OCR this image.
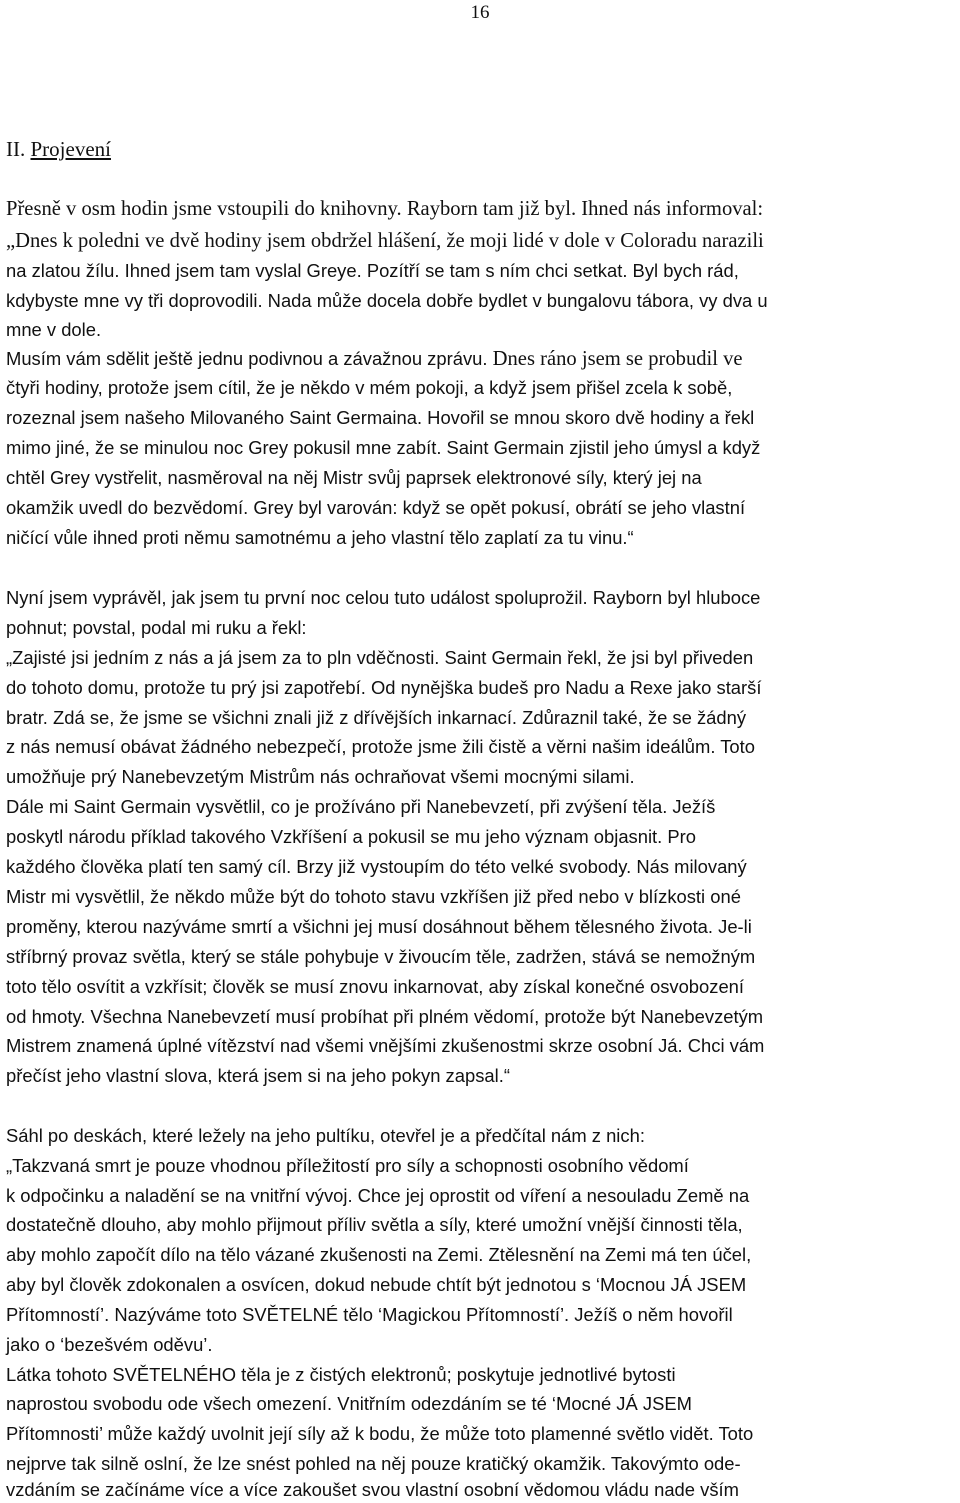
16
II. Projevení
Přesně v osm hodin jsme vstoupili do knihovny. Rayborn tam již byl. Ihned nás informoval:
„Dnes k poledni ve dvě hodiny jsem obdržel hlášení, že moji lidé v dole v Coloradu narazili
na zlatou žílu. Ihned jsem tam vyslal Greye. Pozítří se tam s ním chci setkat. Byl bych rád,
kdybyste mne vy tři doprovodili. Nada může docela dobře bydlet v bungalovu tábora, vy dva u
mne v dole.
Musím vám sdělit ještě jednu podivnou a závažnou zprávu. Dnes ráno jsem se probudil ve
čtyři hodiny, protože jsem cítil, že je někdo v mém pokoji, a když jsem přišel zcela k sobě,
rozeznal jsem našeho Milovaného Saint Germaina. Hovořil se mnou skoro dvě hodiny a řekl
mimo jiné, že se minulou noc Grey pokusil mne zabít. Saint Germain zjistil jeho úmysl a když
chtěl Grey vystřelit, nasměroval na něj Mistr svůj paprsek elektronové síly, který jej na
okamžik uvedl do bezvědomí. Grey byl varován: když se opět pokusí, obrátí se jeho vlastní
ničící vůle ihned proti němu samotnému a jeho vlastní tělo zaplatí za tu vinu.“
Nyní jsem vyprávěl, jak jsem tu první noc celou tuto událost spoluprožil. Rayborn byl hluboce
pohnut; povstal, podal mi ruku a řekl:
„Zajisté jsi jedním z nás a já jsem za to pln vděčnosti. Saint Germain řekl, že jsi byl přiveden
do tohoto domu, protože tu prý jsi zapotřebí. Od nynějška budeš pro Nadu a Rexe jako starší
bratr. Zdá se, že jsme se všichni znali již z dřívějších inkarnací. Zdůraznil také, že se žádný
z nás nemusí obávat žádného nebezpečí, protože jsme žili čistě a věrni našim ideálům. Toto
umožňuje prý Nanebevzetým Mistrům nás ochraňovat všemi mocnými silami.
Dále mi Saint Germain vysvětlil, co je prožíváno při Nanebevzetí, při zvýšení těla. Ježíš
poskytl národu příklad takového Vzkříšení a pokusil se mu jeho význam objasnit. Pro
každého člověka platí ten samý cíl. Brzy již vystoupím do této velké svobody. Nás milovaný
Mistr mi vysvětlil, že někdo může být do tohoto stavu vzkříšen již před nebo v blízkosti oné
proměny, kterou nazýváme smrtí a všichni jej musí dosáhnout během tělesného života. Je-li
stříbrný provaz světla, který se stále pohybuje v živoucím těle, zadržen, stává se nemožným
toto tělo osvítit a vzkřísit; člověk se musí znovu inkarnovat, aby získal konečné osvobození
od hmoty. Všechna Nanebevzetí musí probíhat při plném vědomí, protože být Nanebevzetým
Mistrem znamená úplné vítězství nad všemi vnějšími zkušenostmi skrze osobní Já. Chci vám
přečíst jeho vlastní slova, která jsem si na jeho pokyn zapsal.“
Sáhl po deskách, které ležely na jeho pultíku, otevřel je a předčítal nám z nich:
„Takzvaná smrt je pouze vhodnou příležitostí pro síly a schopnosti osobního vědomí
k odpočinku a naladění se na vnitřní vývoj. Chce jej oprostit od víření a nesouladu Země na
dostatečně dlouho, aby mohlo přijmout příliv světla a síly, které umožní vnější činnosti těla,
aby mohlo započít dílo na tělo vázané zkušenosti na Zemi. Ztělesnění na Zemi má ten účel,
aby byl člověk zdokonalen a osvícen, dokud nebude chtít být jednotou s ‘Mocnou JÁ JSEM
Přítomností’. Nazýváme toto SVĚTELNÉ tělo ‘Magickou Přítomností’. Ježíš o něm hovořil
jako o ‘bezešvém oděvu’.
Látka tohoto SVĚTELNÉHO těla je z čistých elektronů; poskytuje jednotlivé bytosti
naprostou svobodu ode všech omezení. Vnitřním odezdáním se té ‘Mocné JÁ JSEM
Přítomnosti’ může každý uvolnit její síly až k bodu, že může toto plamenné světlo vidět. Toto
nejprve tak silně oslní, že lze snést pohled na něj pouze kratičký okamžik. Takovýmto ode-
vzdáním se začínáme více a více zakoušet svou vlastní osobní vědomou vládu nade vším
